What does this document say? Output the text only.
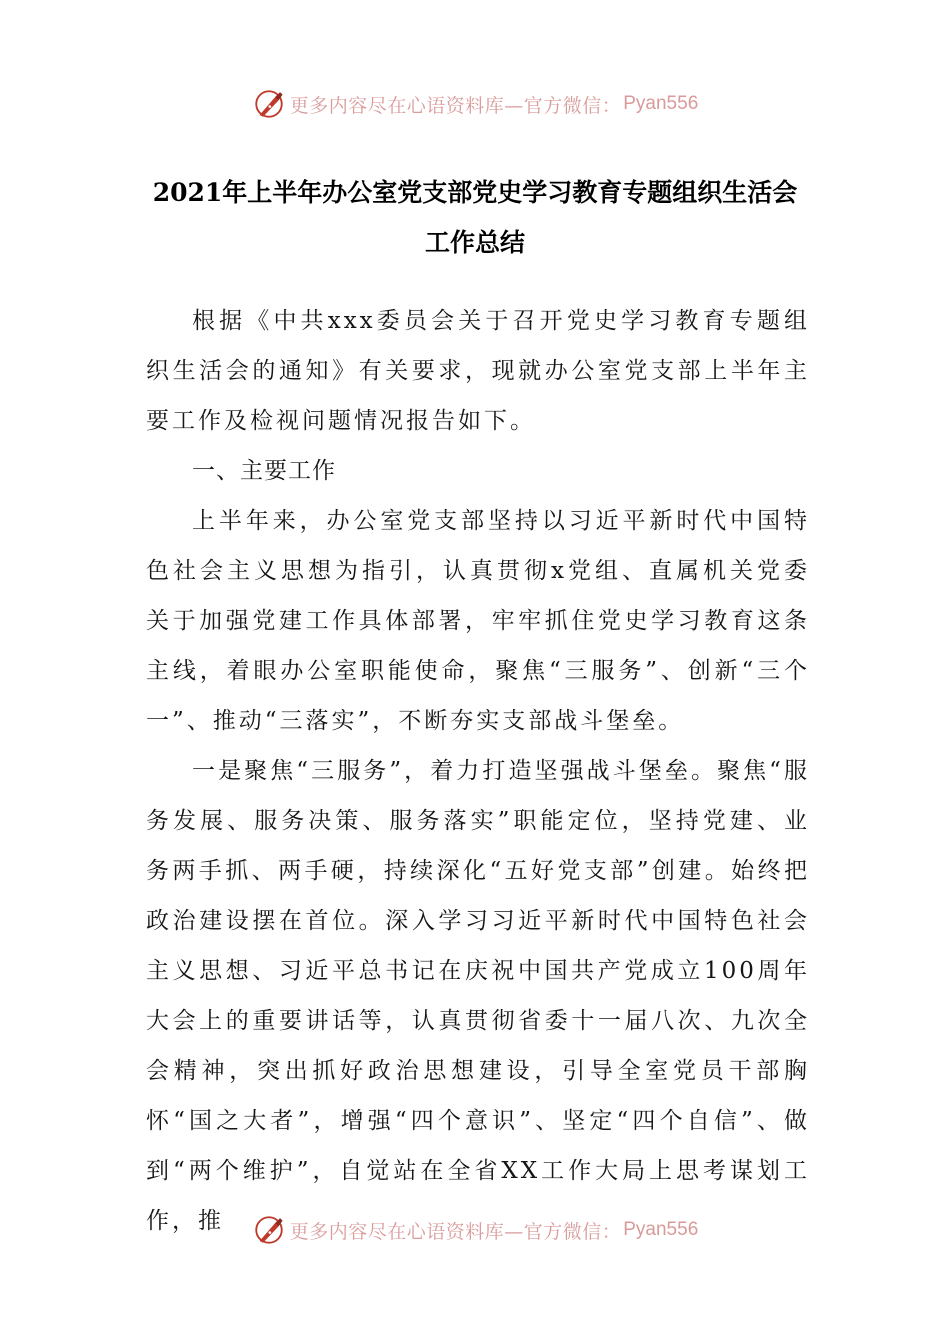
更多内容尽在心语资料库—官方微信： Pyan556
2021年上半年办公室党支部党史学习教育专题组织生活会
工作总结

根据《中共xxx委员会关于召开党史学习教育专题组织生活会的通知》有关要求，现就办公室党支部上半年主要工作及检视问题情况报告如下。

一、主要工作

上半年来，办公室党支部坚持以习近平新时代中国特色社会主义思想为指引，认真贯彻x党组、直属机关党委关于加强党建工作具体部署，牢牢抓住党史学习教育这条主线，着眼办公室职能使命，聚焦“三服务”、创新“三个一”、推动“三落实”，不断夯实支部战斗堡垒。

一是聚焦“三服务”，着力打造坚强战斗堡垒。聚焦“服务发展、服务决策、服务落实”职能定位，坚持党建、业务两手抓、两手硬，持续深化“五好党支部”创建。始终把政治建设摆在首位。深入学习习近平新时代中国特色社会主义思想、习近平总书记在庆祝中国共产党成立100周年大会上的重要讲话等，认真贯彻省委十一届八次、九次全会精神，突出抓好政治思想建设，引导全室党员干部胸怀“国之大者”，增强“四个意识”、坚定“四个自信”、做到“两个维护”，自觉站在全省XX工作大局上思考谋划工作，推	更多内容尽在心语资料库—官方微信： Pyan556
